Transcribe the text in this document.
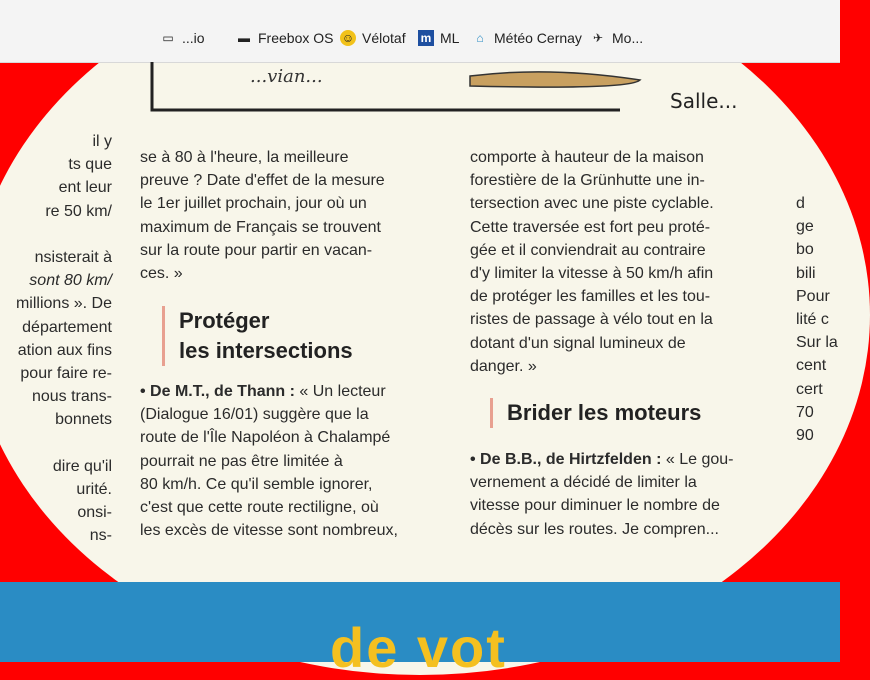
▭ ...io	▬ Freebox OS ☺ Vélotaf m ML	⌂ Météo Cernay ✈ Mo...
...vian...
Salle...
il y
ts que
ent leur
re 50 km/

nsisterait à
sont 80 km/
millions ». De
département
ation aux fins
pour faire re-
nous trans-
bonnets

dire qu'il
urité.
onsi-
ns-
se à 80 à l'heure, la meilleure
preuve ? Date d'effet de la mesure
le 1er juillet prochain, jour où un
maximum de Français se trouvent
sur la route pour partir en vacan-
ces. »
Protéger
les intersections
• De M.T., de Thann : « Un lecteur
(Dialogue 16/01) suggère que la
route de l'Île Napoléon à Chalampé
pourrait ne pas être limitée à
80 km/h. Ce qu'il semble ignorer,
c'est que cette route rectiligne, où
les excès de vitesse sont nombreux,
comporte à hauteur de la maison
forestière de la Grünhutte une in-
tersection avec une piste cyclable.
Cette traversée est fort peu proté-
gée et il conviendrait au contraire
d'y limiter la vitesse à 50 km/h afin
de protéger les familles et les tou-
ristes de passage à vélo tout en la
dotant d'un signal lumineux de
danger. »
Brider les moteurs
• De B.B., de Hirtzfelden : « Le gou-
vernement a décidé de limiter la
vitesse pour diminuer le nombre de
décès sur les routes. Je compren...
d
ge
bo
bili
Pour
lité c
Sur la
cent
cert
70
90
de vot
